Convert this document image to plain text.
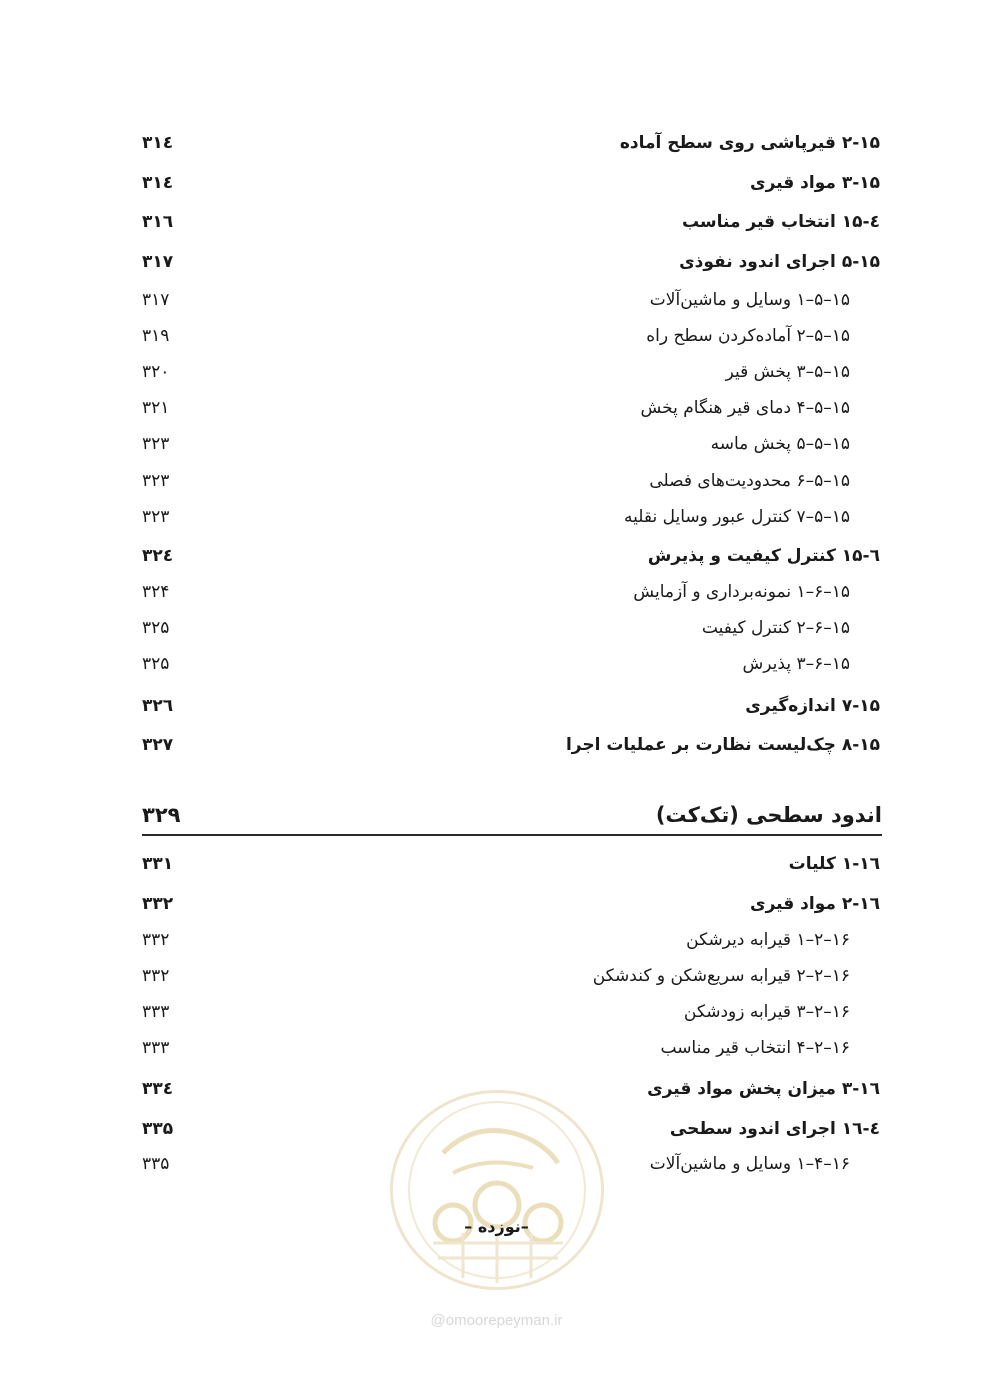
۲-۱۵ قیرپاشی روی سطح آماده
۳۱٤
۳-۱۵ مواد قیری
۳۱٤
٤-۱۵ انتخاب قیر مناسب
۳۱٦
۵-۱۵ اجرای اندود نفوذی
۳۱۷
۱۵–۵–۱ وسایل و ماشین‌آلات
۳۱۷
۱۵–۵–۲ آماده‌کردن سطح راه
۳۱۹
۱۵–۵–۳ پخش قیر
۳۲۰
۱۵–۵–۴ دمای قیر هنگام پخش
۳۲۱
۱۵–۵–۵ پخش ماسه
۳۲۳
۱۵–۵–۶ محدودیت‌های فصلی
۳۲۳
۱۵–۵–۷ کنترل عبور وسایل نقلیه
۳۲۳
٦-۱۵ کنترل کیفیت و پذیرش
۳۲٤
۱۵–۶–۱ نمونه‌برداری و آزمایش
۳۲۴
۱۵–۶–۲ کنترل کیفیت
۳۲۵
۱۵–۶–۳ پذیرش
۳۲۵
۷-۱۵ اندازه‌گیری
۳۲٦
۸-۱۵ چک‌لیست نظارت بر عملیات اجرا
۳۲۷
اندود سطحی (تک‌کت)
۳۲۹
۱-۱٦ کلیات
۳۳۱
۲-۱٦ مواد قیری
۳۳۲
۱۶–۲–۱ قیرابه دیرشکن
۳۳۲
۱۶–۲–۲ قیرابه سریع‌شکن و کندشکن
۳۳۲
۱۶–۲–۳ قیرابه زودشکن
۳۳۳
۱۶–۲–۴ انتخاب قیر مناسب
۳۳۳
۳-۱٦ میزان پخش مواد قیری
۳۳٤
٤-۱٦ اجرای اندود سطحی
۳۳۵
۱۶–۴–۱ وسایل و ماشین‌آلات
۳۳۵
– نوزده–
@omoorepeyman.ir
